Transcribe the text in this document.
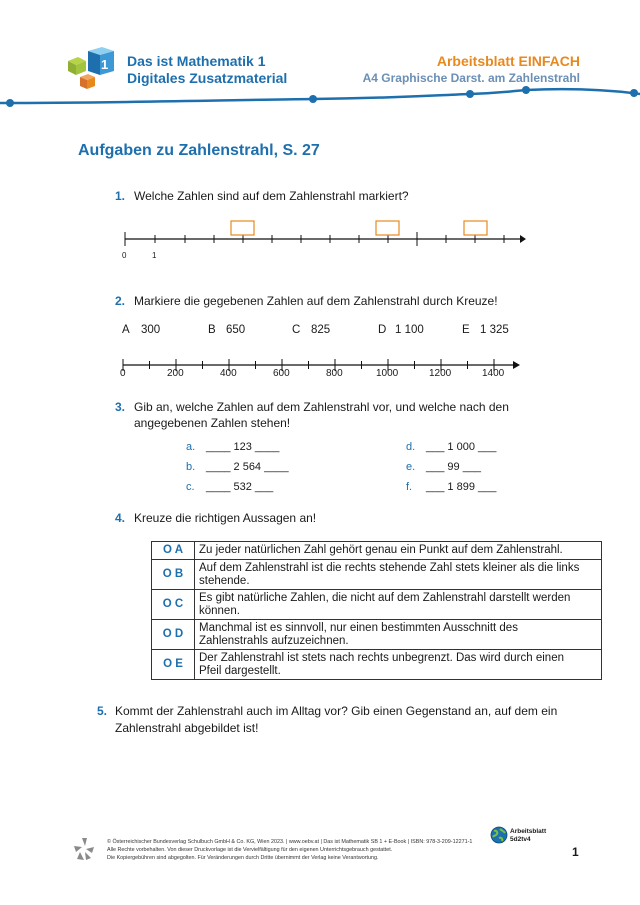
1 Das ist Mathematik 1
Digitales Zusatzmaterial
Arbeitsblatt EINFACH
A4 Graphische Darst. am Zahlenstrahl
Aufgaben zu Zahlenstrahl, S. 27
1. Welche Zahlen sind auf dem Zahlenstrahl markiert?
0	1
2. Markiere die gegebenen Zahlen auf dem Zahlenstrahl durch Kreuze!
A 300	B 650	C 825	D 1 100	E 1 325
0	200	400	600	800	1000	1200	1400
3. Gib an, welche Zahlen auf dem Zahlenstrahl vor, und welche nach den
angegebenen Zahlen stehen!
a. ____ 123 ____
b. ____ 2 564 ____
c. ____ 532 ___
d. ___ 1 000 ___
e. ___ 99 ___
f. ___ 1 899 ___
4. Kreuze die richtigen Aussagen an!
O A	Zu jeder natürlichen Zahl gehört genau ein Punkt auf dem Zahlenstrahl.
O B	Auf dem Zahlenstrahl ist die rechts stehende Zahl stets kleiner als die links
stehende.
O C	Es gibt natürliche Zahlen, die nicht auf dem Zahlenstrahl darstellt werden
können.
O D	Manchmal ist es sinnvoll, nur einen bestimmten Ausschnitt des
Zahlenstrahls aufzuzeichnen.
O E	Der Zahlenstrahl ist stets nach rechts unbegrenzt. Das wird durch einen
Pfeil dargestellt.
5. Kommt der Zahlenstrahl auch im Alltag vor? Gib einen Gegenstand an, auf dem ein
Zahlenstrahl abgebildet ist!
© Österreichischer Bundesverlag Schulbuch GmbH & Co. KG, Wien 2023. | www.oebv.at | Das ist Mathematik SB 1 + E-Book | ISBN: 978-3-209-12271-1
Alle Rechte vorbehalten. Von dieser Druckvorlage ist die Vervielfältigung für den eigenen Unterrichtsgebrauch gestattet.
Die Kopiergebühren sind abgegolten. Für Veränderungen durch Dritte übernimmt der Verlag keine Verantwortung.
Arbeitsblatt
5d2tv4
1
